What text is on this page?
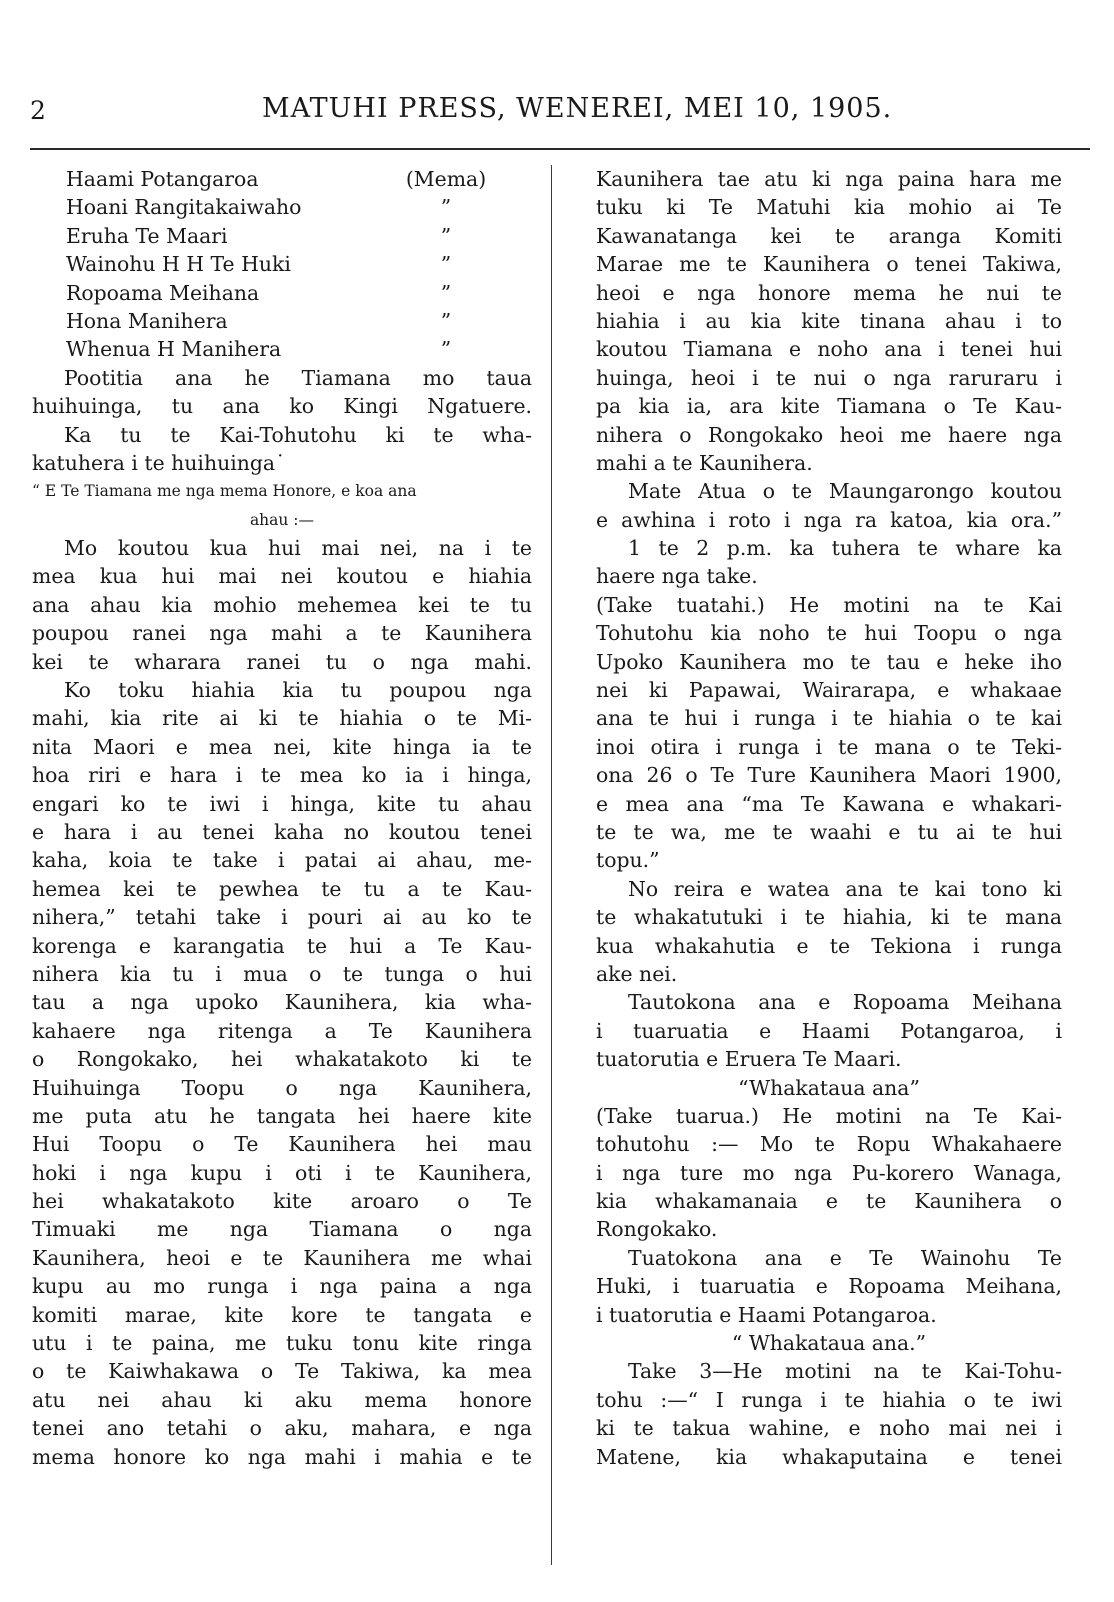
2	MATUHI PRESS, WENEREI, MEI 10, 1905.
Haami Potangaroa	(Mema)
Hoani Rangitakaiwaho	”
Eruha Te Maari	”
Wainohu H H Te Huki	”
Ropoama Meihana	”
Hona Manihera	”
Whenua H Manihera	”
Pootitia ana he Tiamana mo taua
huihuinga, tu ana ko Kingi Ngatuere.
Ka tu te Kai-Tohutohu ki te wha-
katuhera i te huihuinga˙
“ E Te Tiamana me nga mema Honore, e koa ana
ahau :—
Mo koutou kua hui mai nei, na i te
mea kua hui mai nei koutou e hiahia
ana ahau kia mohio mehemea kei te tu
poupou ranei nga mahi a te Kaunihera
kei te wharara ranei tu o nga mahi.
Ko toku hiahia kia tu poupou nga
mahi, kia rite ai ki te hiahia o te Mi-
nita Maori e mea nei, kite hinga ia te
hoa riri e hara i te mea ko ia i hinga,
engari ko te iwi i hinga, kite tu ahau
e hara i au tenei kaha no koutou tenei
kaha, koia te take i patai ai ahau, me-
hemea kei te pewhea te tu a te Kau-
nihera,” tetahi take i pouri ai au ko te
korenga e karangatia te hui a Te Kau-
nihera kia tu i mua o te tunga o hui
tau a nga upoko Kaunihera, kia wha-
kahaere nga ritenga a Te Kaunihera
o Rongokako, hei whakatakoto ki te
Huihuinga Toopu o nga Kaunihera,
me puta atu he tangata hei haere kite
Hui Toopu o Te Kaunihera hei mau
hoki i nga kupu i oti i te Kaunihera,
hei whakatakoto kite aroaro o Te
Timuaki me nga Tiamana o nga
Kaunihera, heoi e te Kaunihera me whai
kupu au mo runga i nga paina a nga
komiti marae, kite kore te tangata e
utu i te paina, me tuku tonu kite ringa
o te Kaiwhakawa o Te Takiwa, ka mea
atu nei ahau ki aku mema honore
tenei ano tetahi o aku, mahara, e nga
mema honore ko nga mahi i mahia e te
Kaunihera tae atu ki nga paina hara me
tuku ki Te Matuhi kia mohio ai Te
Kawanatanga kei te aranga Komiti
Marae me te Kaunihera o tenei Takiwa,
heoi e nga honore mema he nui te
hiahia i au kia kite tinana ahau i to
koutou Tiamana e noho ana i tenei hui
huinga, heoi i te nui o nga raruraru i
pa kia ia, ara kite Tiamana o Te Kau-
nihera o Rongokako heoi me haere nga
mahi a te Kaunihera.
Mate Atua o te Maungarongo koutou
e awhina i roto i nga ra katoa, kia ora.”
1 te 2 p.m. ka tuhera te whare ka
haere nga take.
(Take tuatahi.) He motini na te Kai
Tohutohu kia noho te hui Toopu o nga
Upoko Kaunihera mo te tau e heke iho
nei ki Papawai, Wairarapa, e whakaae
ana te hui i runga i te hiahia o te kai
inoi otira i runga i te mana o te Teki-
ona 26 o Te Ture Kaunihera Maori 1900,
e mea ana “ma Te Kawana e whakari-
te te wa, me te waahi e tu ai te hui
topu.”
No reira e watea ana te kai tono ki
te whakatutuki i te hiahia, ki te mana
kua whakahutia e te Tekiona i runga
ake nei.
Tautokona ana e Ropoama Meihana
i tuaruatia e Haami Potangaroa, i
tuatorutia e Eruera Te Maari.
“Whakataua ana”
(Take tuarua.) He motini na Te Kai-
tohutohu :— Mo te Ropu Whakahaere
i nga ture mo nga Pu-korero Wanaga,
kia whakamanaia e te Kaunihera o
Rongokako.
Tuatokona ana e Te Wainohu Te
Huki, i tuaruatia e Ropoama Meihana,
i tuatorutia e Haami Potangaroa.
“ Whakataua ana.”
Take 3—He motini na te Kai-Tohu-
tohu :—“ I runga i te hiahia o te iwi
ki te takua wahine, e noho mai nei i
Matene, kia whakaputaina e tenei
